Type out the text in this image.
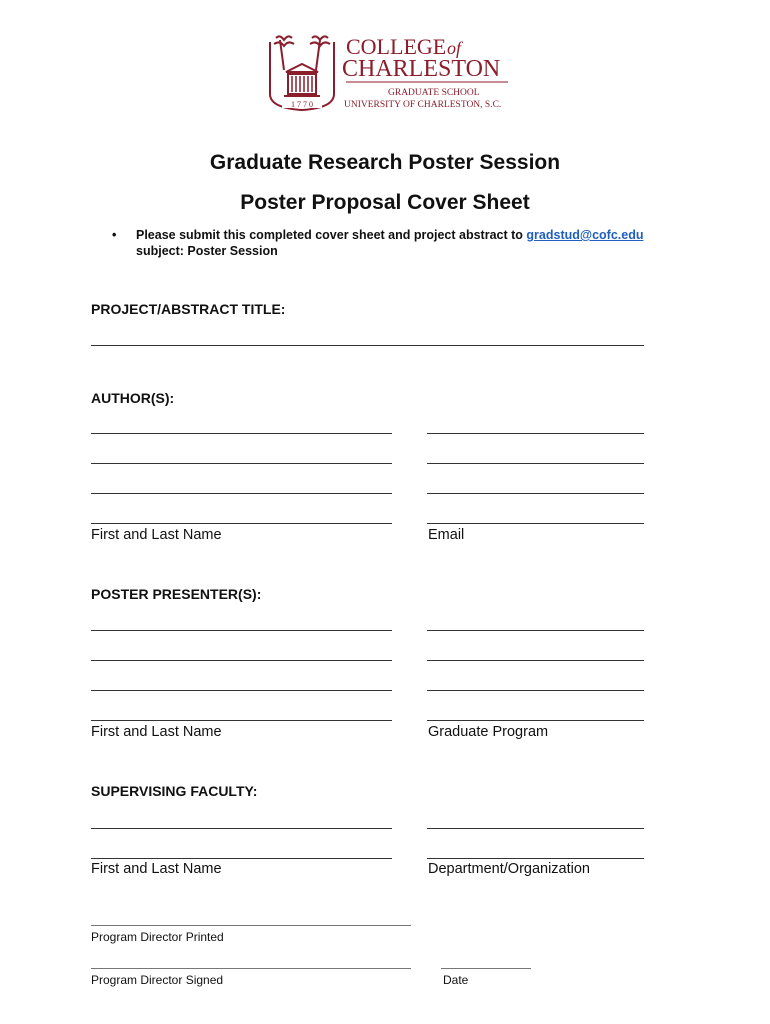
1 7 7 0
COLLEGE of
CHARLESTON
GRADUATE SCHOOL
UNIVERSITY OF CHARLESTON, S.C.
Graduate Research Poster Session
Poster Proposal Cover Sheet
• Please submit this completed cover sheet and project abstract to gradstud@cofc.edu
subject: Poster Session
PROJECT/ABSTRACT TITLE:
AUTHOR(S):
First and Last Name	Email
POSTER PRESENTER(S):
First and Last Name	Graduate Program
SUPERVISING FACULTY:
First and Last Name	Department/Organization
Program Director Printed
Program Director Signed	Date
